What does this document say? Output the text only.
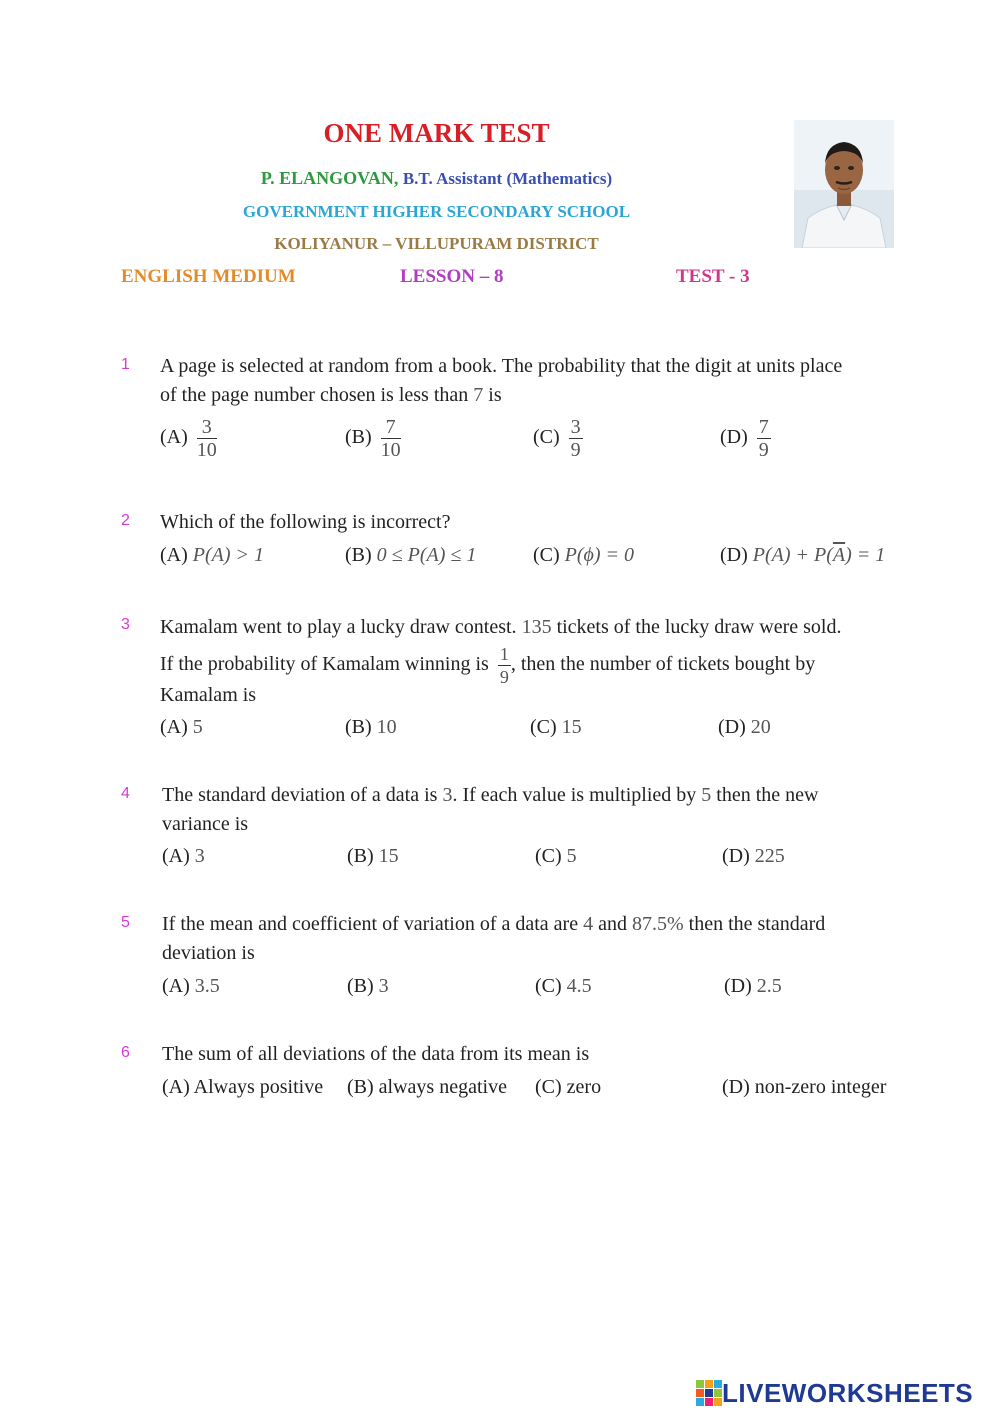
ONE MARK TEST
P. ELANGOVAN, B.T. Assistant (Mathematics)
GOVERNMENT HIGHER SECONDARY SCHOOL
KOLIYANUR – VILLUPURAM DISTRICT
ENGLISH MEDIUM	LESSON – 8	TEST - 3
1 A page is selected at random from a book. The probability that the digit at units place
of the page number chosen is less than 7 is
$(A) \frac{3}{10}$	$(B) \frac{7}{10}$	$(C) \frac{3}{9}$	$(D) \frac{7}{9}$
2 Which of the following is incorrect?
(A) P(A) > 1	(B) 0 ≤ P(A) ≤ 1	(C) P(ϕ) = 0	(D) $P(A) + P(\overline{A}) = 1$
3 Kamalam went to play a lucky draw contest. 135 tickets of the lucky draw were sold.
If the probability of Kamalam winning is $\frac{1}{9}$ , then the number of tickets bought by
Kamalam is
(A) 5	(B) 10	(C) 15	(D) 20
4 The standard deviation of a data is 3. If each value is multiplied by 5 then the new
variance is
(A) 3	(B) 15	(C) 5	(D) 225
5 If the mean and coefficient of variation of a data are 4 and 87.5% then the standard
deviation is
(A) 3.5	(B) 3	(C) 4.5	(D) 2.5
6 The sum of all deviations of the data from its mean is
(A) Always positive (B) always negative (C) zero	(D) non-zero integer
LIVEWORKSHEETS
